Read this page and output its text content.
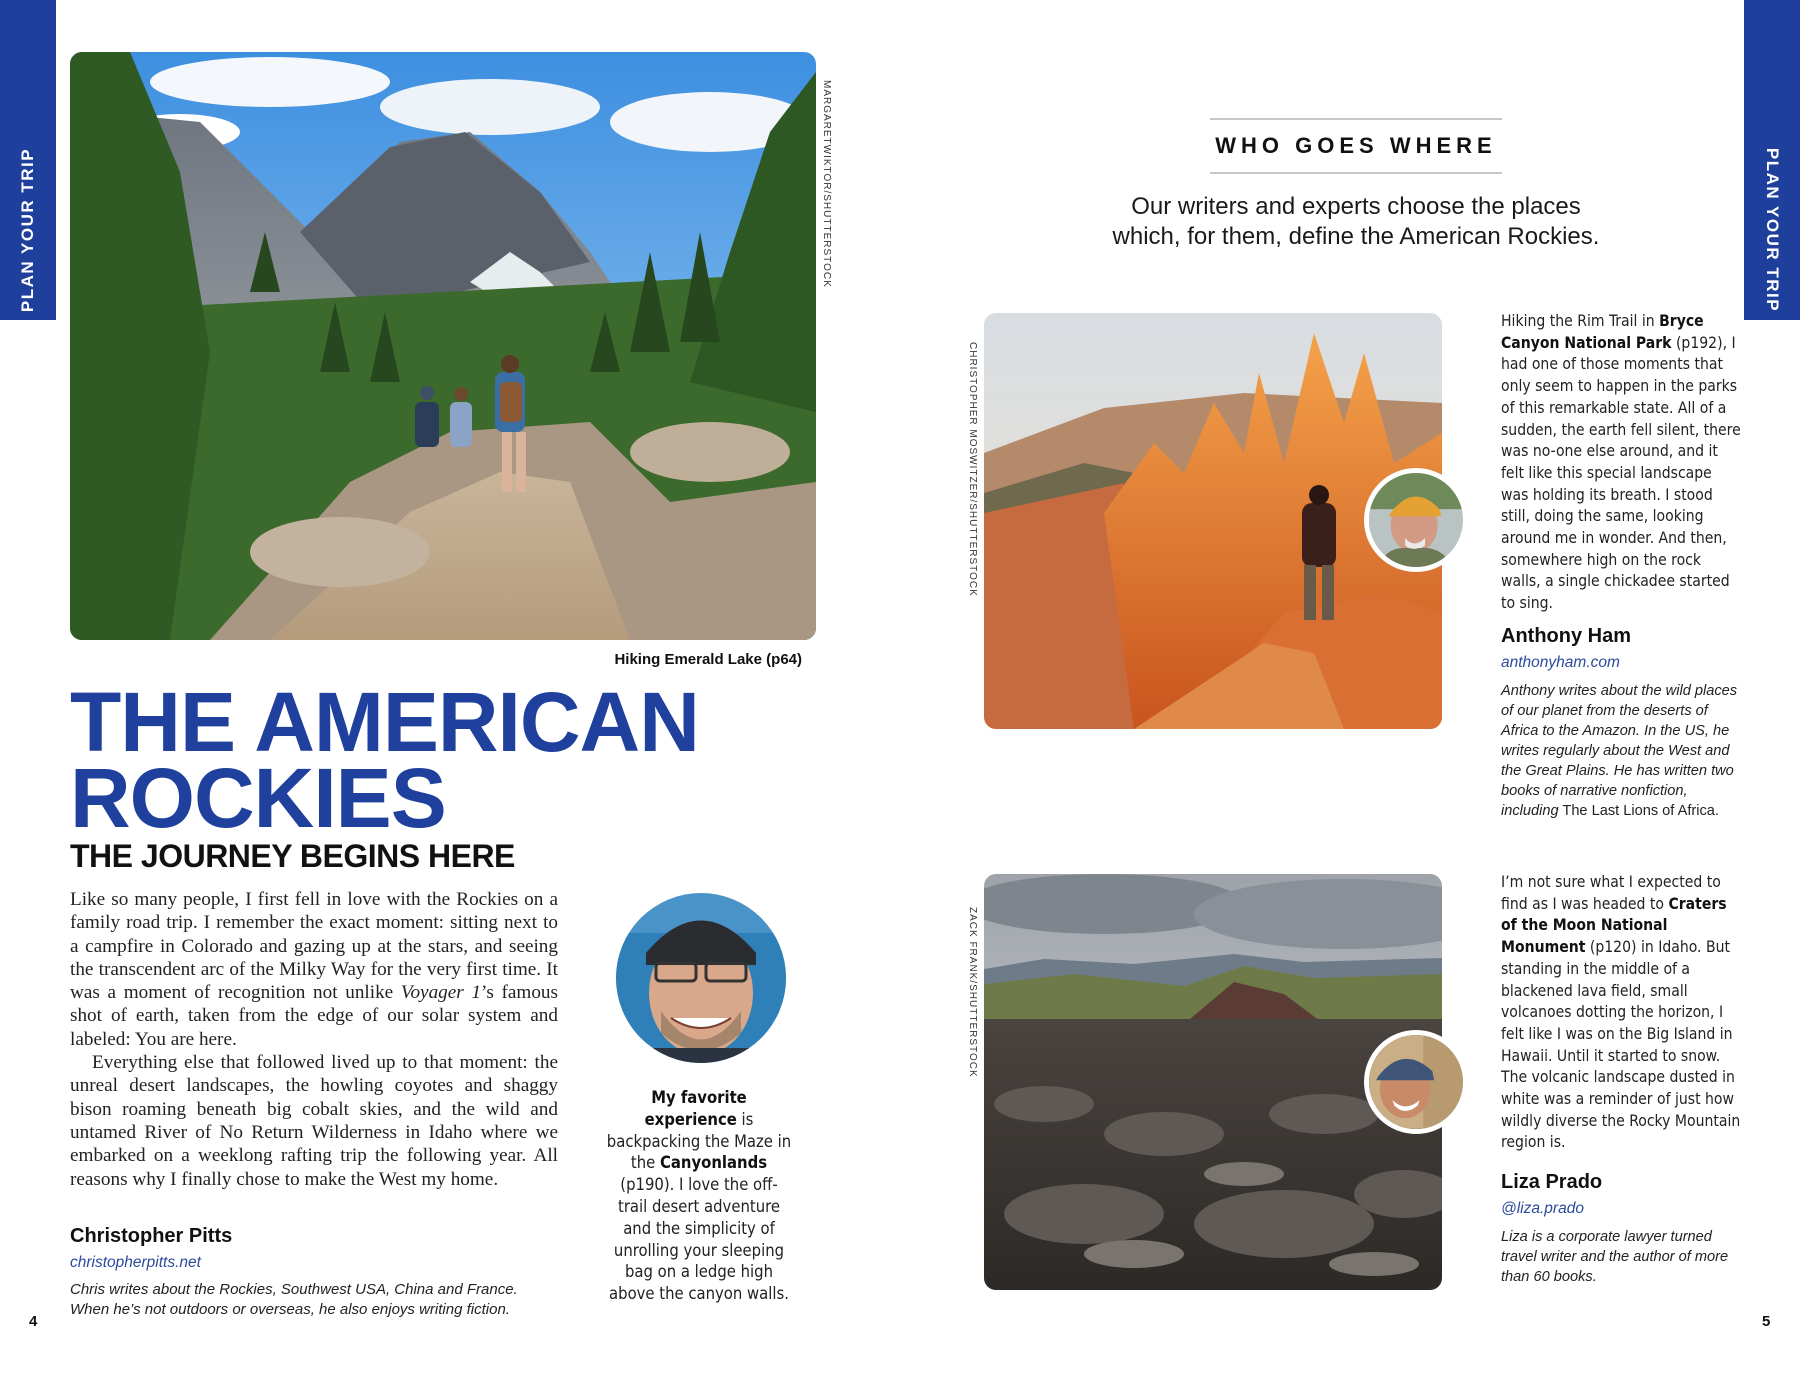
PLAN YOUR TRIP	PLAN YOUR TRIP
MARGARETWIKTOR/SHUTTERSTOCK
Hiking Emerald Lake (p64)
THE AMERICAN
ROCKIES
THE JOURNEY BEGINS HERE

Like so many people, I first fell in love with the Rockies on a family road trip. I remember the exact moment: sitting next to a campfire in Colorado and gazing up at the stars, and seeing the transcendent arc of the Milky Way for the very first time. It was a moment of recognition not unlike Voyager 1’s famous shot of earth, taken from the edge of our solar system and labeled: You are here.

Everything else that followed lived up to that moment: the unreal desert landscapes, the howling coyotes and shaggy bison roaming beneath big cobalt skies, and the wild and untamed River of No Return Wilderness in Idaho where we embarked on a weeklong rafting trip the following year. All reasons why I finally chose to make the West my home.

Christopher Pitts
christopherpitts.net
Chris writes about the Rockies, Southwest USA, China and France.
When he’s not outdoors or overseas, he also enjoys writing fiction.
My favorite experience is backpacking the Maze in the Canyonlands (p190). I love the off-trail desert adventure and the simplicity of unrolling your sleeping bag on a ledge high above the canyon walls.
4
WHO GOES WHERE
Our writers and experts choose the places
which, for them, define the American Rockies.
CHRISTOPHER MOSWITZER/SHUTTERSTOCK
Hiking the Rim Trail in Bryce Canyon National Park (p192), I had one of those moments that only seem to happen in the parks of this remarkable state. All of a sudden, the earth fell silent, there was no-one else around, and it felt like this special landscape was holding its breath. I stood still, doing the same, looking around me in wonder. And then, somewhere high on the rock walls, a single chickadee started to sing.
Anthony Ham
anthonyham.com
Anthony writes about the wild places of our planet from the deserts of Africa to the Amazon. In the US, he writes regularly about the West and the Great Plains. He has written two books of narrative nonfiction, including The Last Lions of Africa.
ZACK FRANK/SHUTTERSTOCK
I’m not sure what I expected to find as I was headed to Craters of the Moon National Monument (p120) in Idaho. But standing in the middle of a blackened lava field, small volcanoes dotting the horizon, I felt like I was on the Big Island in Hawaii. Until it started to snow. The volcanic landscape dusted in white was a reminder of just how wildly diverse the Rocky Mountain region is.
Liza Prado
@liza.prado
Liza is a corporate lawyer turned travel writer and the author of more than 60 books.
5
